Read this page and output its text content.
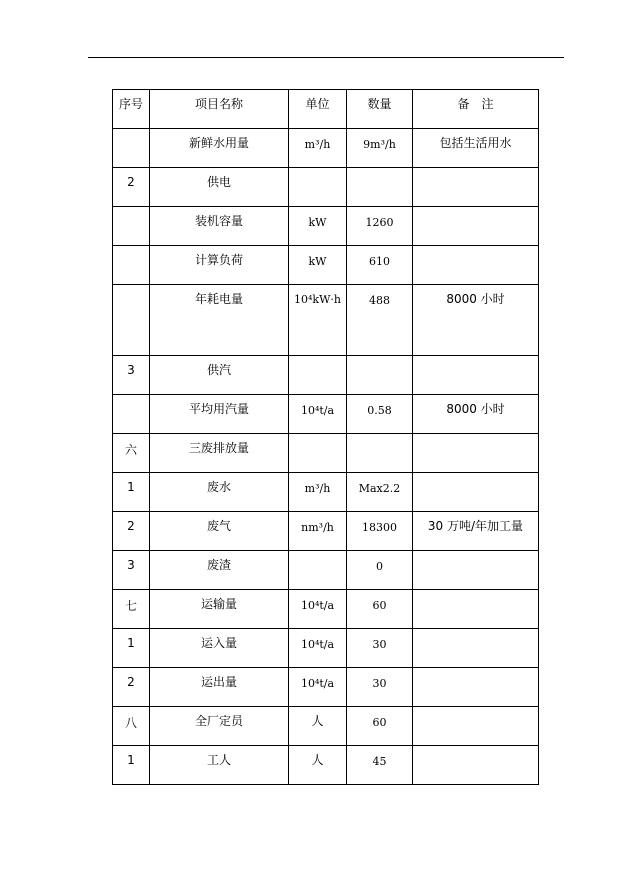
序号	项目名称	单位	数量	备　注
	新鲜水用量	m³/h	9m³/h	包括生活用水
2	供电			
	装机容量	kW	1260	
	计算负荷	kW	610	
	年耗电量	10⁴kW·h	488	8000 小时
3	供汽			
	平均用汽量	10⁴t/a	0.58	8000 小时
六	三废排放量			
1	废水	m³/h	Max2.2	
2	废气	nm³/h	18300	30 万吨/年加工量
3	废渣		0	
七	运输量	10⁴t/a	60	
1	运入量	10⁴t/a	30	
2	运出量	10⁴t/a	30	
八	全厂定员	人	60	
1	工人	人	45	
